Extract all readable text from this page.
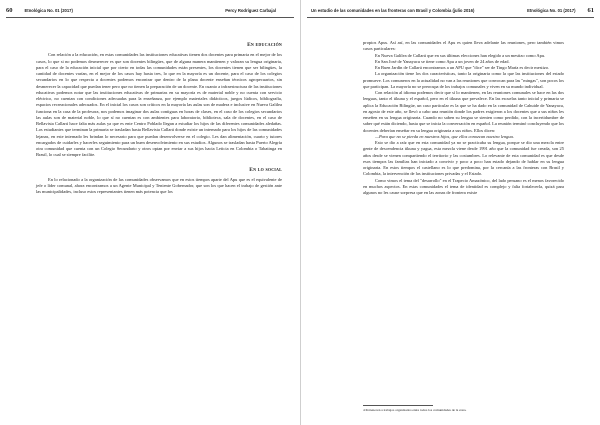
60	Etnológica No. 01 (2017)	Percy Rodríguez Carbajal
En educación

Con relación a la educación, en estas comunidades las instituciones educativas tienen dos docentes para primaria en el mejor de los casos, lo que si no podemos desmerecer es que son docentes bilingües, que de alguna manera mantienen y valoran su lengua originaria, para el caso de la educación inicial que por cierto en todas las comunidades están presentes, los docentes tienen que ser bilingües, la cantidad de docentes varían, en el mejor de los casos hay hasta tres, lo que en la mayoría es un docente, para el caso de los colegios secundarios en lo que respecta a docentes podemos encontrar que dentro de la plana docente enseñan técnicos agropecuarios, sin desmerecer la capacidad que puedan tener pero que no tienen la preparación de un docente. En cuanto a infraestructura de las instituciones educativas podemos notar que las instituciones educativas de primarias en su mayoría es de material noble y no cuenta con servicio eléctrico, no cuentan con condiciones adecuadas para la enseñanza, por ejemplo materiales didácticos, juegos lúdicos, bibliografía, espacios recreacionales adecuados. En el inicial los casos son críticos en la mayoría las aulas son de madera e inclusive en Nueva Galilea funciona en la casa de la profesora, nos podemos imaginar dos aulas contiguas en horas de clases, en el caso de los colegios secundarios las aulas son de material noble, lo que sí no cuentan es con ambientes para laboratorio, biblioteca, sala de docentes, en el caso de Bellavista Callarú hace falta más aulas ya que es ente Centro Poblado llegan a estudiar los hijos de las diferentes comunidades aledañas. Los estudiantes que terminan la primaria se trasladan hasta Bellavista Callarú donde existe un internado para los hijos de las comunidades lejanas, en este internado les brindan lo necesario para que puedan desenvolverse en el colegio. Les dan alimentación, cuarto y tutores encargados de cuidarles y hacerles seguimiento para un buen desenvolvimiento en sus estudios. Algunos se trasladan hasta Puerto Alegría otra comunidad que cuenta con un Colegio Secundario y otros optan por enviar a sus hijos hacia Leticia en Colombia o Tabatinga en Brasil, lo cual se siempre facilite.

En lo social

En lo relacionado a la organización de las comunidades observamos que en estos tiempos aparte del Apu que es el equivalente de jefe o líder comunal, ahora encontramos a un Agente Municipal y Teniente Gobernador, que son los que hacen el trabajo de gestión ante las municipalidades, incluso estos representantes tienen más potencia que los

Un estudio de las comunidades en las fronteras con Brasil y Colombia (julio 2016)	Etnológica No. 01 (2017) 61

propios Apus. Así así, en las comunidades el Apu es quien lleva adelante las reuniones, pero también vimos casos particulares:

En Nueva Galilea de Callarú que en sus últimas elecciones han elegido a un mestizo como Apu.

En San José de Yanayacu se tiene como Apu a un joven de 24 años de edad.

En Buen Jardín de Callarú encontramos a un APU que "dice" ser de Tingo María es decir mestizo.

La organización tiene los dos características, tanto la originaria como la que las instituciones del estado promueve. Los comuneros en la actualidad no van a las reuniones que convocan para las "mingas", son pocos los que participan. La mayoría no se preocupa de los trabajos comunales y viven en su mundo individual.

Con relación al idioma podemos decir que sí lo mantienen, en las reuniones comunales se hace en las dos lenguas, tanto el tikuna y el español, pero en el tikuna que prevalece. En las escuelas tanto inicial y primaria se aplica la Educación Bilingüe, un caso particular es la que se ha dado en la comunidad de Cahuide de Yanayacu, en agosto de este año, se llevó a cabo una reunión donde los padres exigieron a los docentes que a sus niños les enseñen en su lengua originaria. Cuando no saben su lengua se sienten como perdido, con la incertidumbre de saber qué están diciendo, hasta que se inicia la conversación en español. La reunión terminó concluyendo que los docentes deberían enseñar en su lengua originaria a sus niños. Ellos dicen:

—Para que no se pierda en nuestros hijos, que ellos conozcan nuestra lengua.

Esto se dio a raíz que en esta comunidad ya no se practicaba su lengua, porque se dio una mezcla entre gente de descendencia tikuna y yagua, esta mezcla viene desde 1991 año que la comunidad fue creada, son 25 años desde se vienen compartiendo el territorio y las costumbres. Lo relevante de esta comunidad es que desde esos tiempos las familias han iniciado a convivir y poco a poco han estado dejando de hablar en su lengua originaria. En estos tiempos el castellano es lo que predomina, por la cercanía a las fronteras con Brasil y Colombia, la intervención de las instituciones privadas y el Estado.

Como vimos el tema del "desarrollo" en el Trapecio Amazónico, del lado peruano es el menos favorecido en muchos aspectos. En estas comunidades el tema de identidad es complejo y falta fortalecerla, quizá para algunos no les cause sorpresa que en las zonas de frontera existe

4 Pertenecen a trabajos organizados entre todos los comunidades de la zona.
